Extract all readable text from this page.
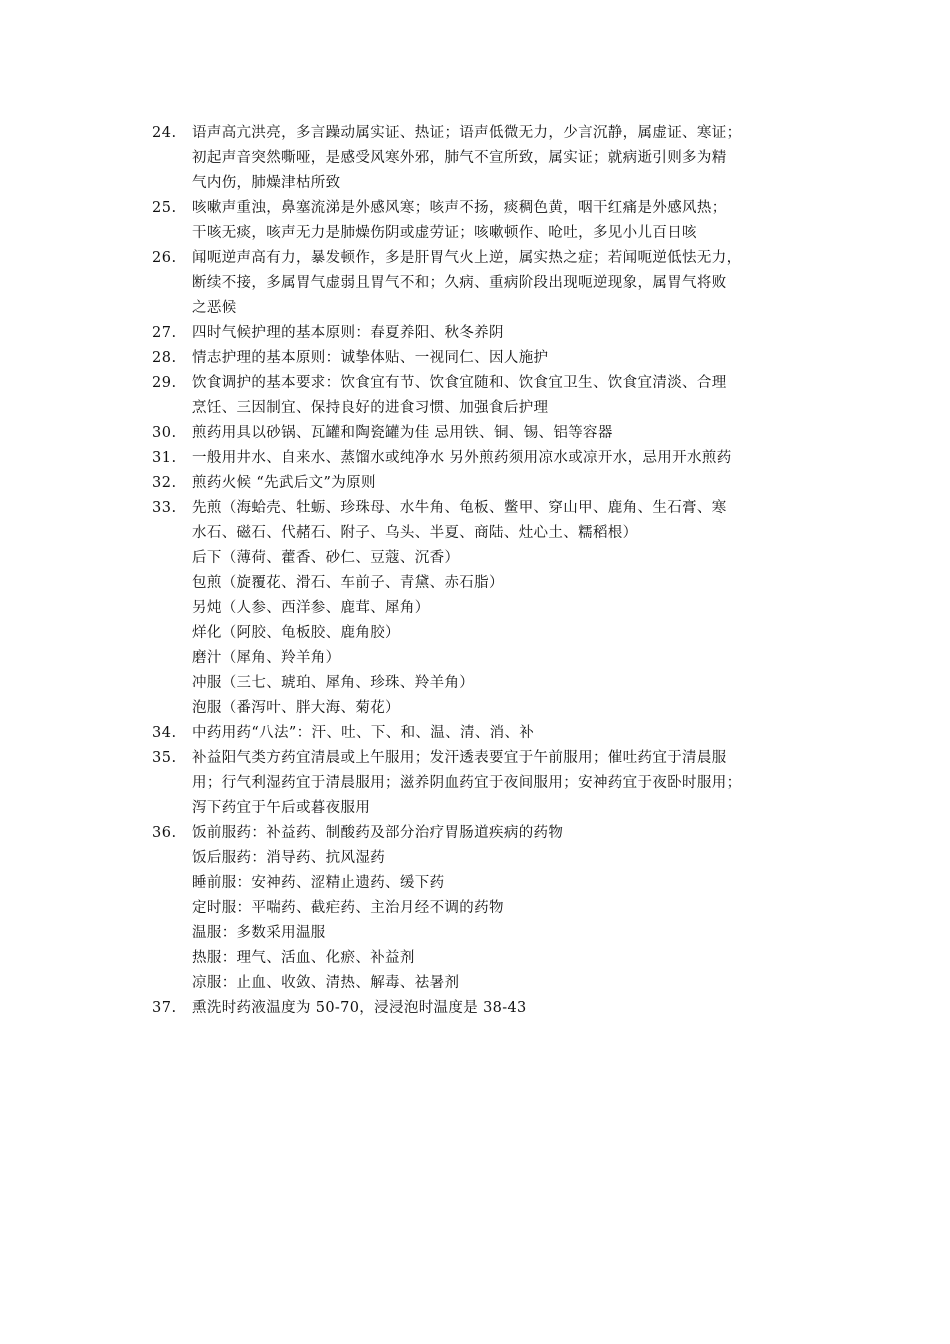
24.	语声高亢洪亮，多言躁动属实证、热证；语声低微无力，少言沉静，属虚证、寒证；
初起声音突然嘶哑，是感受风寒外邪，肺气不宣所致，属实证；就病逝引则多为精
气内伤，肺燥津枯所致
25.	咳嗽声重浊，鼻塞流涕是外感风寒；咳声不扬，痰稠色黄，咽干红痛是外感风热；
干咳无痰，咳声无力是肺燥伤阴或虚劳证；咳嗽顿作、呛吐，多见小儿百日咳
26.	闻呃逆声高有力，暴发顿作，多是肝胃气火上逆，属实热之症；若闻呃逆低怯无力，
断续不接，多属胃气虚弱且胃气不和；久病、重病阶段出现呃逆现象，属胃气将败
之恶候
27.	四时气候护理的基本原则：春夏养阳、秋冬养阴
28.	情志护理的基本原则：诚挚体贴、一视同仁、因人施护
29.	饮食调护的基本要求：饮食宜有节、饮食宜随和、饮食宜卫生、饮食宜清淡、合理
烹饪、三因制宜、保持良好的进食习惯、加强食后护理
30.	煎药用具以砂锅、瓦罐和陶瓷罐为佳 忌用铁、铜、锡、铝等容器
31.	一般用井水、自来水、蒸馏水或纯净水 另外煎药须用凉水或凉开水，忌用开水煎药
32.	煎药火候 “先武后文”为原则
33.	先煎（海蛤壳、牡蛎、珍珠母、水牛角、龟板、鳖甲、穿山甲、鹿角、生石膏、寒
水石、磁石、代赭石、附子、乌头、半夏、商陆、灶心土、糯稻根）
后下（薄荷、藿香、砂仁、豆蔻、沉香）
包煎（旋覆花、滑石、车前子、青黛、赤石脂）
另炖（人参、西洋参、鹿茸、犀角）
烊化（阿胶、龟板胶、鹿角胶）
磨汁（犀角、羚羊角）
冲服（三七、琥珀、犀角、珍珠、羚羊角）
泡服（番泻叶、胖大海、菊花）
34.	中药用药“八法”：汗、吐、下、和、温、清、消、补
35.	补益阳气类方药宜清晨或上午服用；发汗透表要宜于午前服用；催吐药宜于清晨服
用；行气利湿药宜于清晨服用；滋养阴血药宜于夜间服用；安神药宜于夜卧时服用；
泻下药宜于午后或暮夜服用
36.	饭前服药：补益药、制酸药及部分治疗胃肠道疾病的药物
饭后服药：消导药、抗风湿药
睡前服：安神药、涩精止遗药、缓下药
定时服：平喘药、截疟药、主治月经不调的药物
温服：多数采用温服
热服：理气、活血、化瘀、补益剂
凉服：止血、收敛、清热、解毒、祛暑剂
37.	熏洗时药液温度为 50-70，浸浸泡时温度是 38-43
